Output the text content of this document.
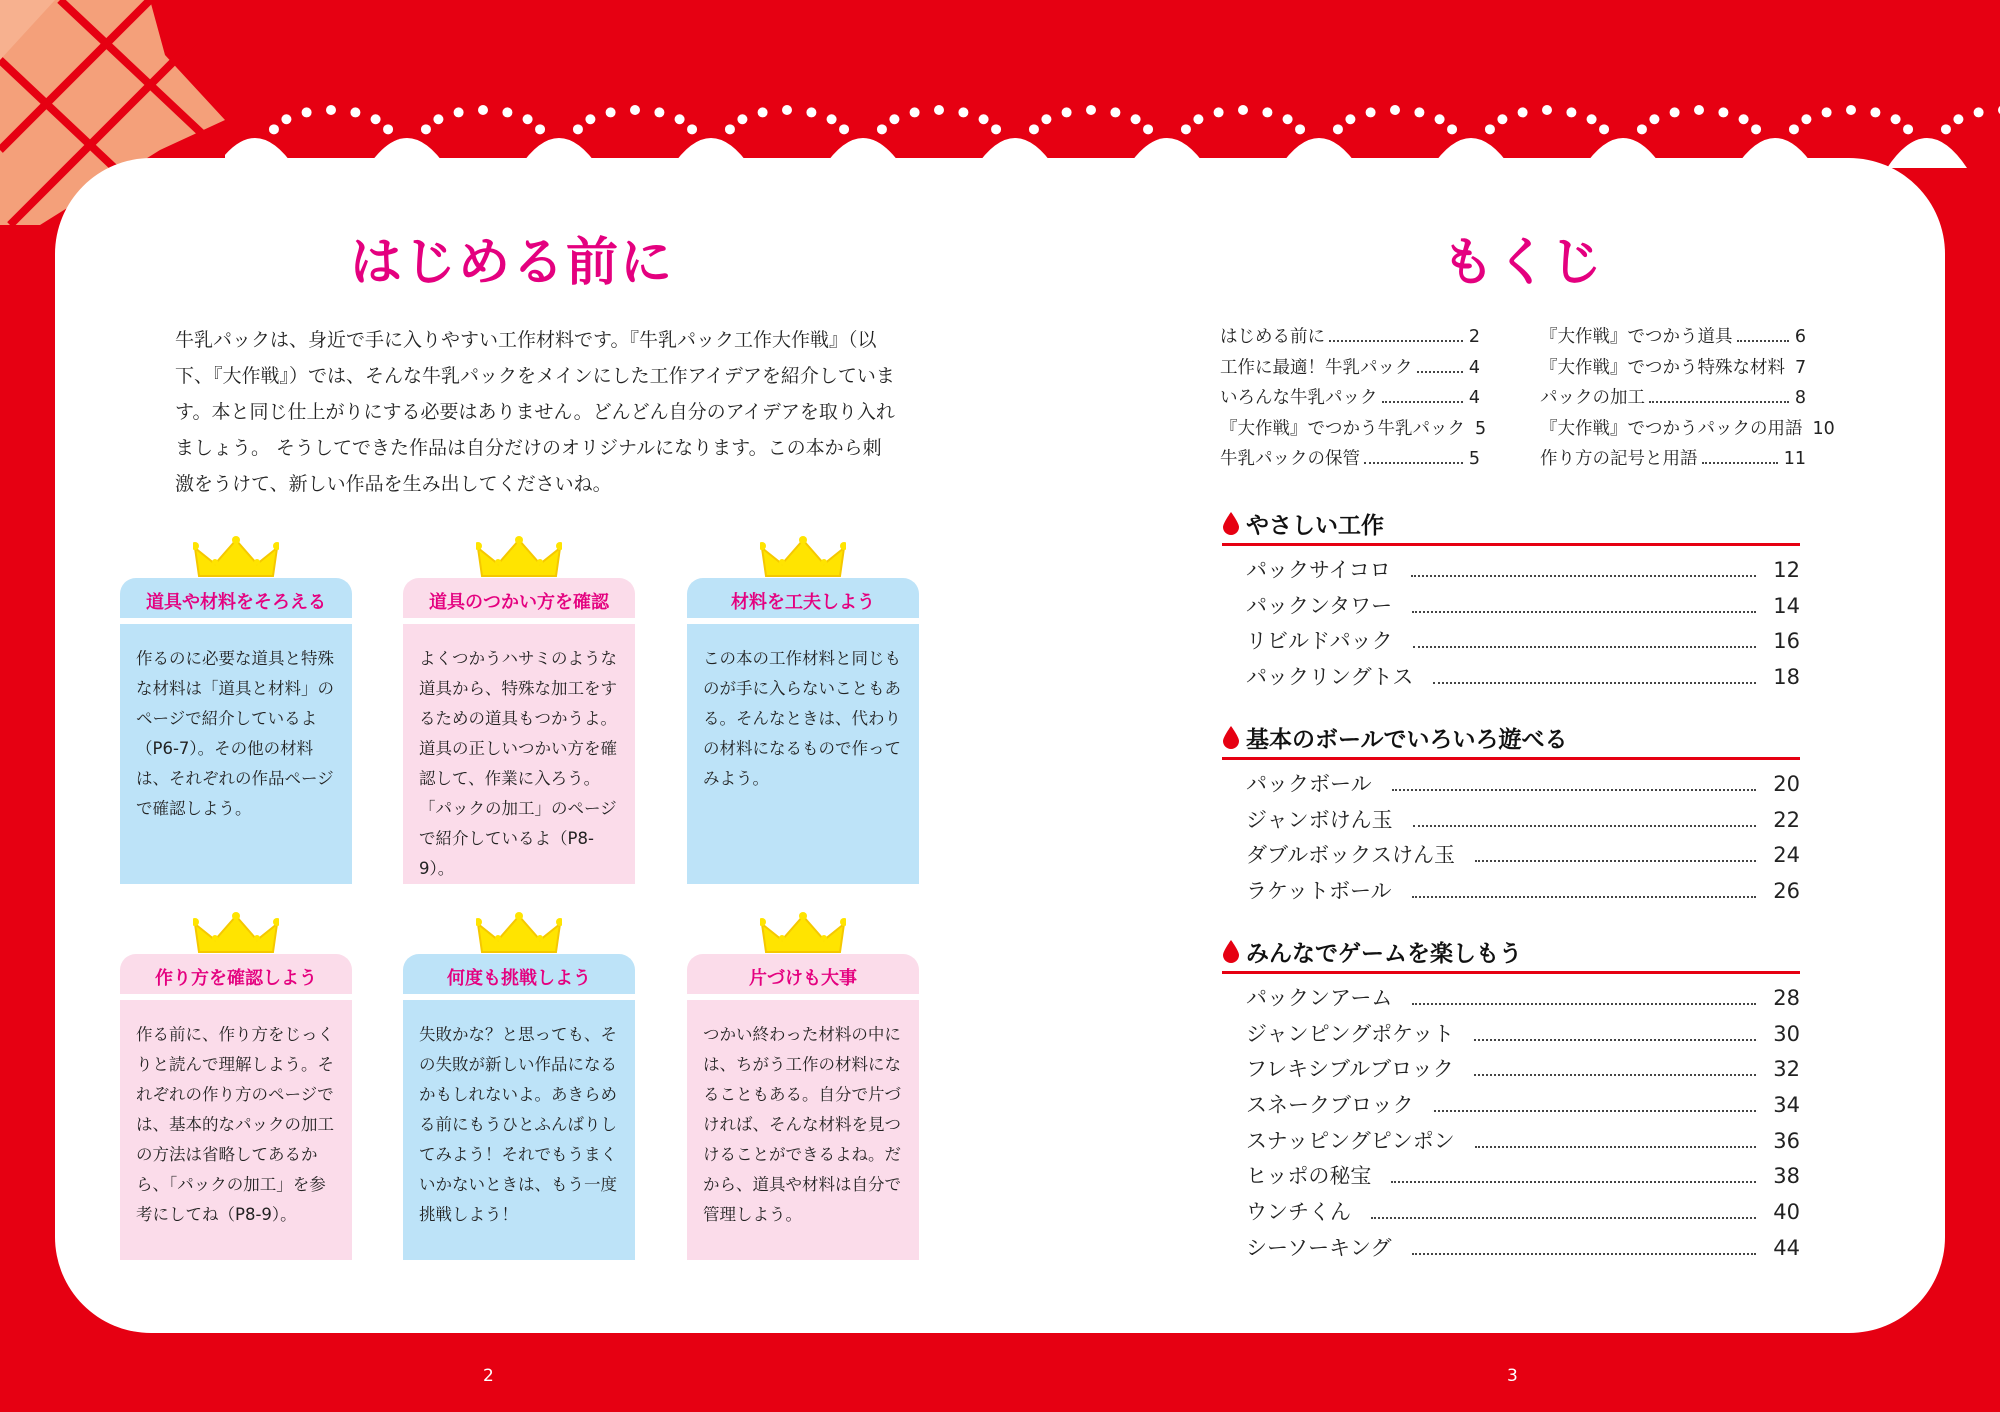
はじめる前に
牛乳パックは、身近で手に入りやすい工作材料です。『牛乳パック工作大作戦』（以下、『大作戦』）では、そんな牛乳パックをメインにした工作アイデアを紹介しています。本と同じ仕上がりにする必要はありません。どんどん自分のアイデアを取り入れましょう。 そうしてできた作品は自分だけのオリジナルになります。この本から刺激をうけて、新しい作品を生み出してくださいね。
道具や材料をそろえる
作るのに必要な道具と特殊な材料は「道具と材料」のページで紹介しているよ（P6-7）。その他の材料は、それぞれの作品ページで確認しよう。
道具のつかい方を確認
よくつかうハサミのような道具から、特殊な加工をするための道具もつかうよ。道具の正しいつかい方を確認して、作業に入ろう。「パックの加工」のページで紹介しているよ（P8-9）。
材料を工夫しよう
この本の工作材料と同じものが手に入らないこともある。そんなときは、代わりの材料になるもので作ってみよう。
作り方を確認しよう
作る前に、作り方をじっくりと読んで理解しよう。それぞれの作り方のページでは、基本的なパックの加工の方法は省略してあるから、「パックの加工」を参考にしてね（P8-9）。
何度も挑戦しよう
失敗かな？と思っても、その失敗が新しい作品になるかもしれないよ。あきらめる前にもうひとふんばりしてみよう！それでもうまくいかないときは、もう一度挑戦しよう！
片づけも大事
つかい終わった材料の中には、ちがう工作の材料になることもある。自分で片づければ、そんな材料を見つけることができるよね。だから、道具や材料は自分で管理しよう。
2
もくじ
はじめる前に	2
工作に最適！牛乳パック	4
いろんな牛乳パック	4
『大作戦』でつかう牛乳パック 5
牛乳パックの保管	5
『大作戦』でつかう道具	6
『大作戦』でつかう特殊な材料 7
パックの加工	8
『大作戦』でつかうパックの用語 10
作り方の記号と用語	11
やさしい工作
パックサイコロ	12
パックンタワー	14
リビルドパック	16
パックリングトス	18
基本のボールでいろいろ遊べる
パックボール	20
ジャンボけん玉	22
ダブルボックスけん玉	24
ラケットボール	26
みんなでゲームを楽しもう
パックンアーム	28
ジャンピングポケット	30
フレキシブルブロック	32
スネークブロック	34
スナッピングピンポン	36
ヒッポの秘宝	38
ウンチくん	40
シーソーキング	44
3
